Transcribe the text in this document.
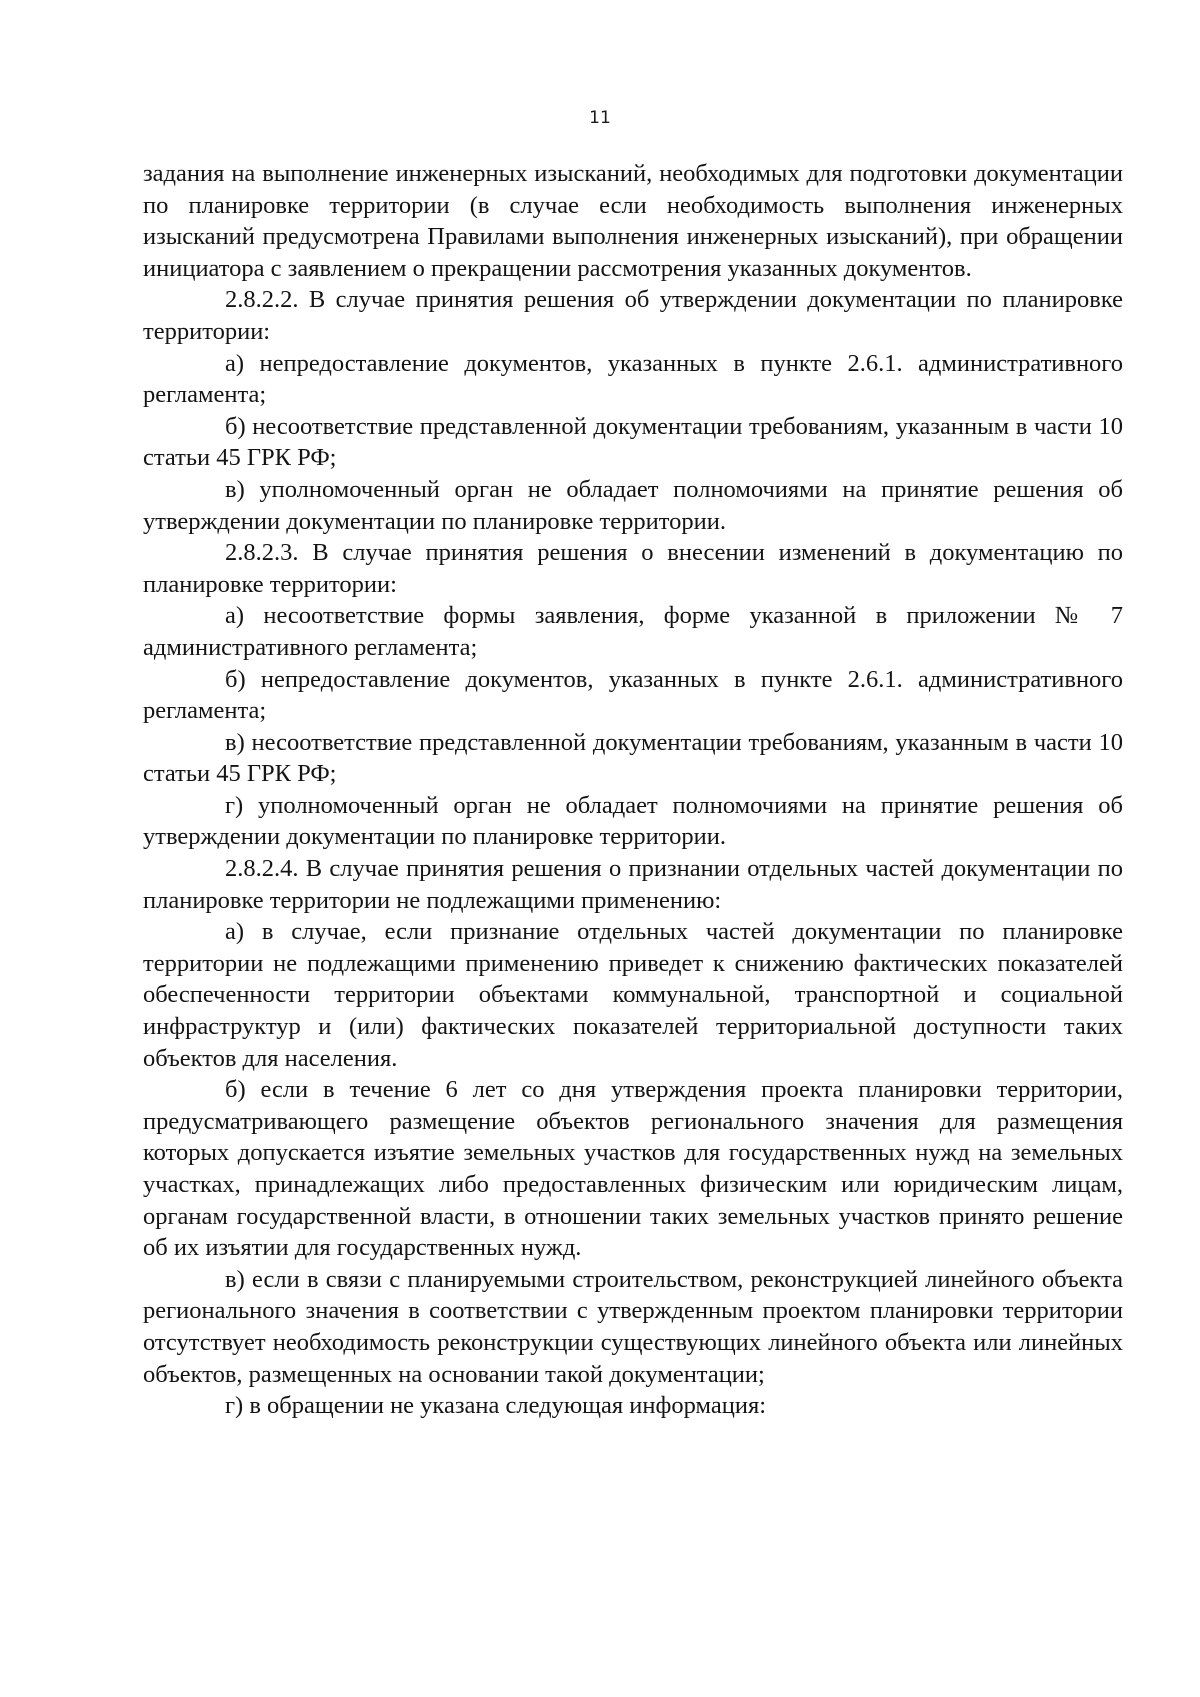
11

задания на выполнение инженерных изысканий, необходимых для подготовки документации по планировке территории (в случае если необходимость выполнения инженерных изысканий предусмотрена Правилами выполнения инженерных изысканий), при обращении инициатора с заявлением о прекращении рассмотрения указанных документов.

2.8.2.2. В случае принятия решения об утверждении документации по планировке территории:

а) непредоставление документов, указанных в пункте 2.6.1. административного регламента;

б) несоответствие представленной документации требованиям, указанным в части 10 статьи 45 ГРК РФ;

в) уполномоченный орган не обладает полномочиями на принятие решения об утверждении документации по планировке территории.

2.8.2.3. В случае принятия решения о внесении изменений в документацию по планировке территории:

а) несоответствие формы заявления, форме указанной в приложении № 7 административного регламента;

б) непредоставление документов, указанных в пункте 2.6.1. административного регламента;

в) несоответствие представленной документации требованиям, указанным в части 10 статьи 45 ГРК РФ;

г) уполномоченный орган не обладает полномочиями на принятие решения об утверждении документации по планировке территории.

2.8.2.4. В случае принятия решения о признании отдельных частей документации по планировке территории не подлежащими применению:

а) в случае, если признание отдельных частей документации по планировке территории не подлежащими применению приведет к снижению фактических показателей обеспеченности территории объектами коммунальной, транспортной и социальной инфраструктур и (или) фактических показателей территориальной доступности таких объектов для населения.

б) если в течение 6 лет со дня утверждения проекта планировки территории, предусматривающего размещение объектов регионального значения для размещения которых допускается изъятие земельных участков для государственных нужд на земельных участках, принадлежащих либо предоставленных физическим или юридическим лицам, органам государственной власти, в отношении таких земельных участков принято решение об их изъятии для государственных нужд.

в) если в связи с планируемыми строительством, реконструкцией линейного объекта регионального значения в соответствии с утвержденным проектом планировки территории отсутствует необходимость реконструкции существующих линейного объекта или линейных объектов, размещенных на основании такой документации;

г) в обращении не указана следующая информация:
